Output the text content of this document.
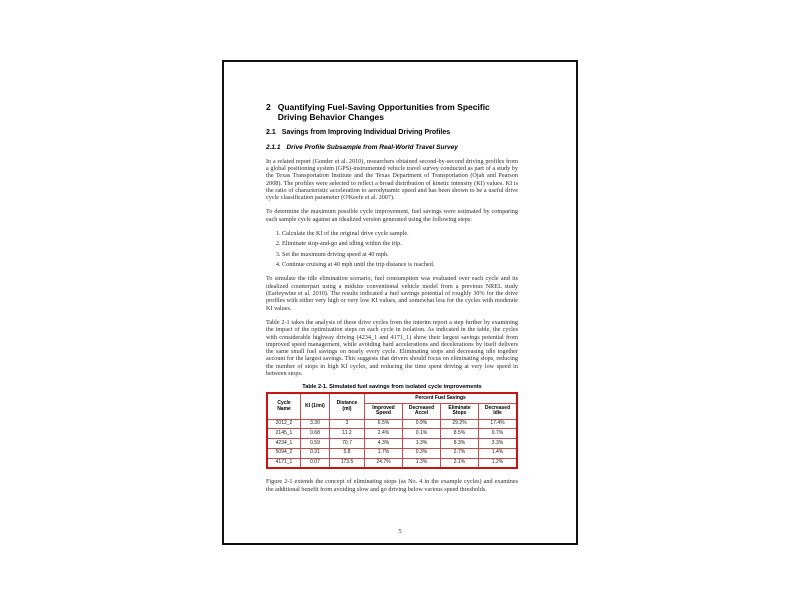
2 Quantifying Fuel-Saving Opportunities from Specific Driving Behavior Changes
2.1 Savings from Improving Individual Driving Profiles
2.1.1 Drive Profile Subsample from Real-World Travel Survey

In a related report (Gonder et al. 2010), researchers obtained second-by-second driving profiles from a global positioning system (GPS)-instrumented vehicle travel survey conducted as part of a study by the Texas Transportation Institute and the Texas Department of Transportation (Ojah and Pearson 2008). The profiles were selected to reflect a broad distribution of kinetic intensity (KI) values. KI is the ratio of characteristic acceleration to aerodynamic speed and has been shown to be a useful drive cycle classification parameter (O'Keefe et al. 2007).

To determine the maximum possible cycle improvement, fuel savings were estimated by comparing each sample cycle against an idealized version generated using the following steps:

1. Calculate the KI of the original drive cycle sample.
2. Eliminate stop-and-go and idling within the trip.
3. Set the maximum driving speed at 40 mph.
4. Continue cruising at 40 mph until the trip distance is reached.

To simulate the idle elimination scenario, fuel consumption was evaluated over each cycle and its idealized counterpart using a midsize conventional vehicle model from a previous NREL study (Earleywine et al. 2010). The results indicated a fuel savings potential of roughly 30% for the drive profiles with either very high or very low KI values, and somewhat less for the cycles with moderate KI values.

Table 2-1 takes the analysis of these drive cycles from the interim report a step further by examining the impact of the optimization steps on each cycle in isolation. As indicated in the table, the cycles with considerable highway driving (4234_1 and 4171_1) show their largest savings potential from improved speed management, while avoiding hard accelerations and decelerations by itself delivers the same small fuel savings on nearly every cycle. Eliminating stops and decreasing idle together account for the largest savings. This suggests that drivers should focus on eliminating stops, reducing the number of stops in high KI cycles, and reducing the time spent driving at very low speed in between stops.

Table 2-1. Simulated fuel savings from isolated cycle improvements
Cycle Name	KI (1/mi)	Distance (mi)	Percent Fuel Savings			
			Improved Speed	Decreased Accel	Eliminate Stops	Decreased Idle
2012_2	3.30	3	6.5%	0.9%	29.2%	17.4%
2145_1	0.68	11.2	2.4%	0.1%	8.5%	0.7%
4234_1	0.59	70.7	4.3%	1.3%	8.3%	3.3%
5094_2	0.31	5.8	1.7%	0.3%	2.7%	1.4%
4171_1	0.07	173.5	24.7%	1.3%	2.1%	1.2%

Figure 2-1 extends the concept of eliminating stops (as No. 4 in the example cycles) and examines the additional benefit from avoiding slow and go driving below various speed thresholds.

5
